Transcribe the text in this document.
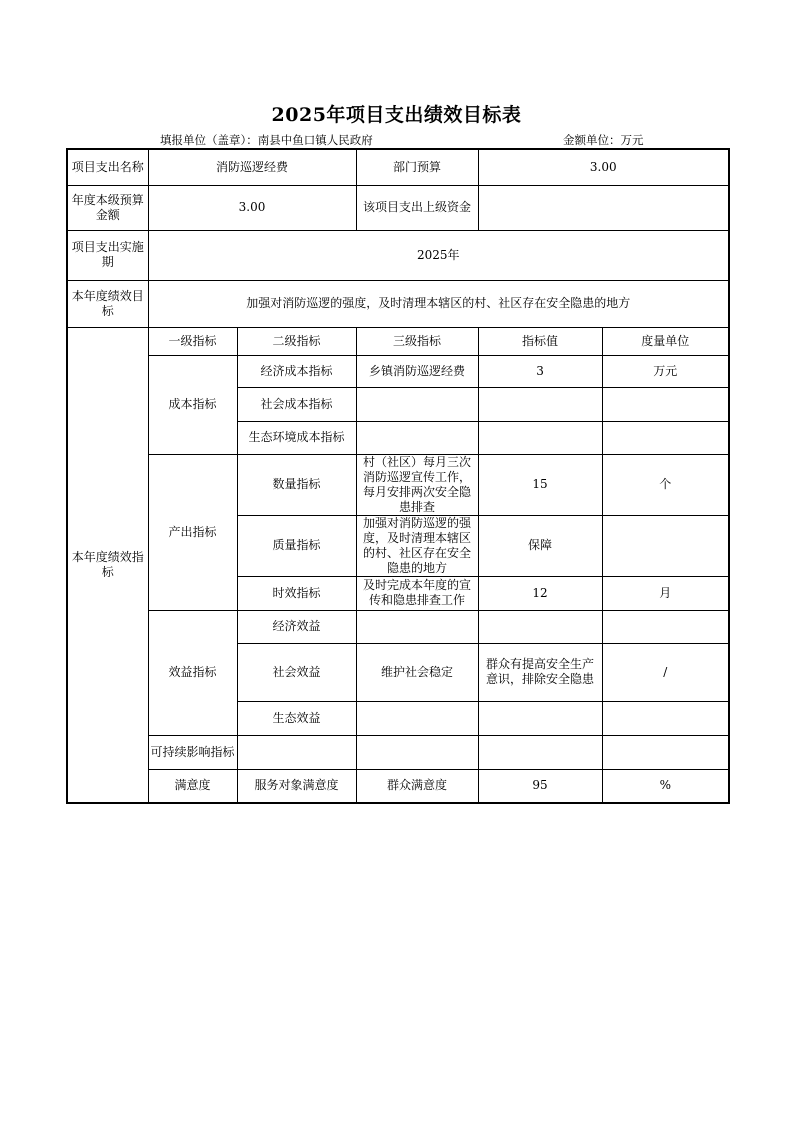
2025年项目支出绩效目标表
填报单位（盖章）：南县中鱼口镇人民政府	金额单位：万元
项目支出名称	消防巡逻经费		部门预算	3.00	
年度本级预算金额	3.00		该项目支出上级资金		
项目支出实施期	2025年				
本年度绩效目标	加强对消防巡逻的强度，及时清理本辖区的村、社区存在安全隐患的地方				
本年度绩效指标	一级指标	二级指标	三级指标	指标值	度量单位
	成本指标	经济成本指标	乡镇消防巡逻经费	3	万元
		社会成本指标			
		生态环境成本指标			
	产出指标	数量指标	村（社区）每月三次消防巡逻宣传工作，每月安排两次安全隐患排查	15	个
		质量指标	加强对消防巡逻的强度，及时清理本辖区的村、社区存在安全隐患的地方	保障	
		时效指标	及时完成本年度的宣传和隐患排查工作	12	月
	效益指标	经济效益			
		社会效益	维护社会稳定	群众有提高安全生产意识，排除安全隐患	/
		生态效益			
	可持续影响指标				
	满意度	服务对象满意度	群众满意度	95	%
